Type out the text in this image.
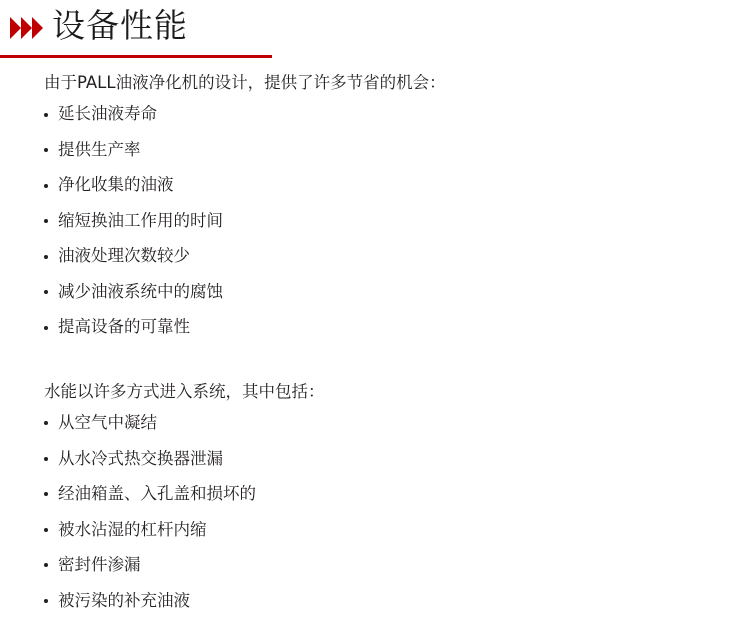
设备性能

由于PALL油液净化机的设计，提供了许多节省的机会：

延长油液寿命
提供生产率
净化收集的油液
缩短换油工作用的时间
油液处理次数较少
减少油液系统中的腐蚀
提高设备的可靠性

水能以许多方式进入系统，其中包括：

从空气中凝结
从水冷式热交换器泄漏
经油箱盖、入孔盖和损坏的
被水沾湿的杠杆内缩
密封件渗漏
被污染的补充油液
